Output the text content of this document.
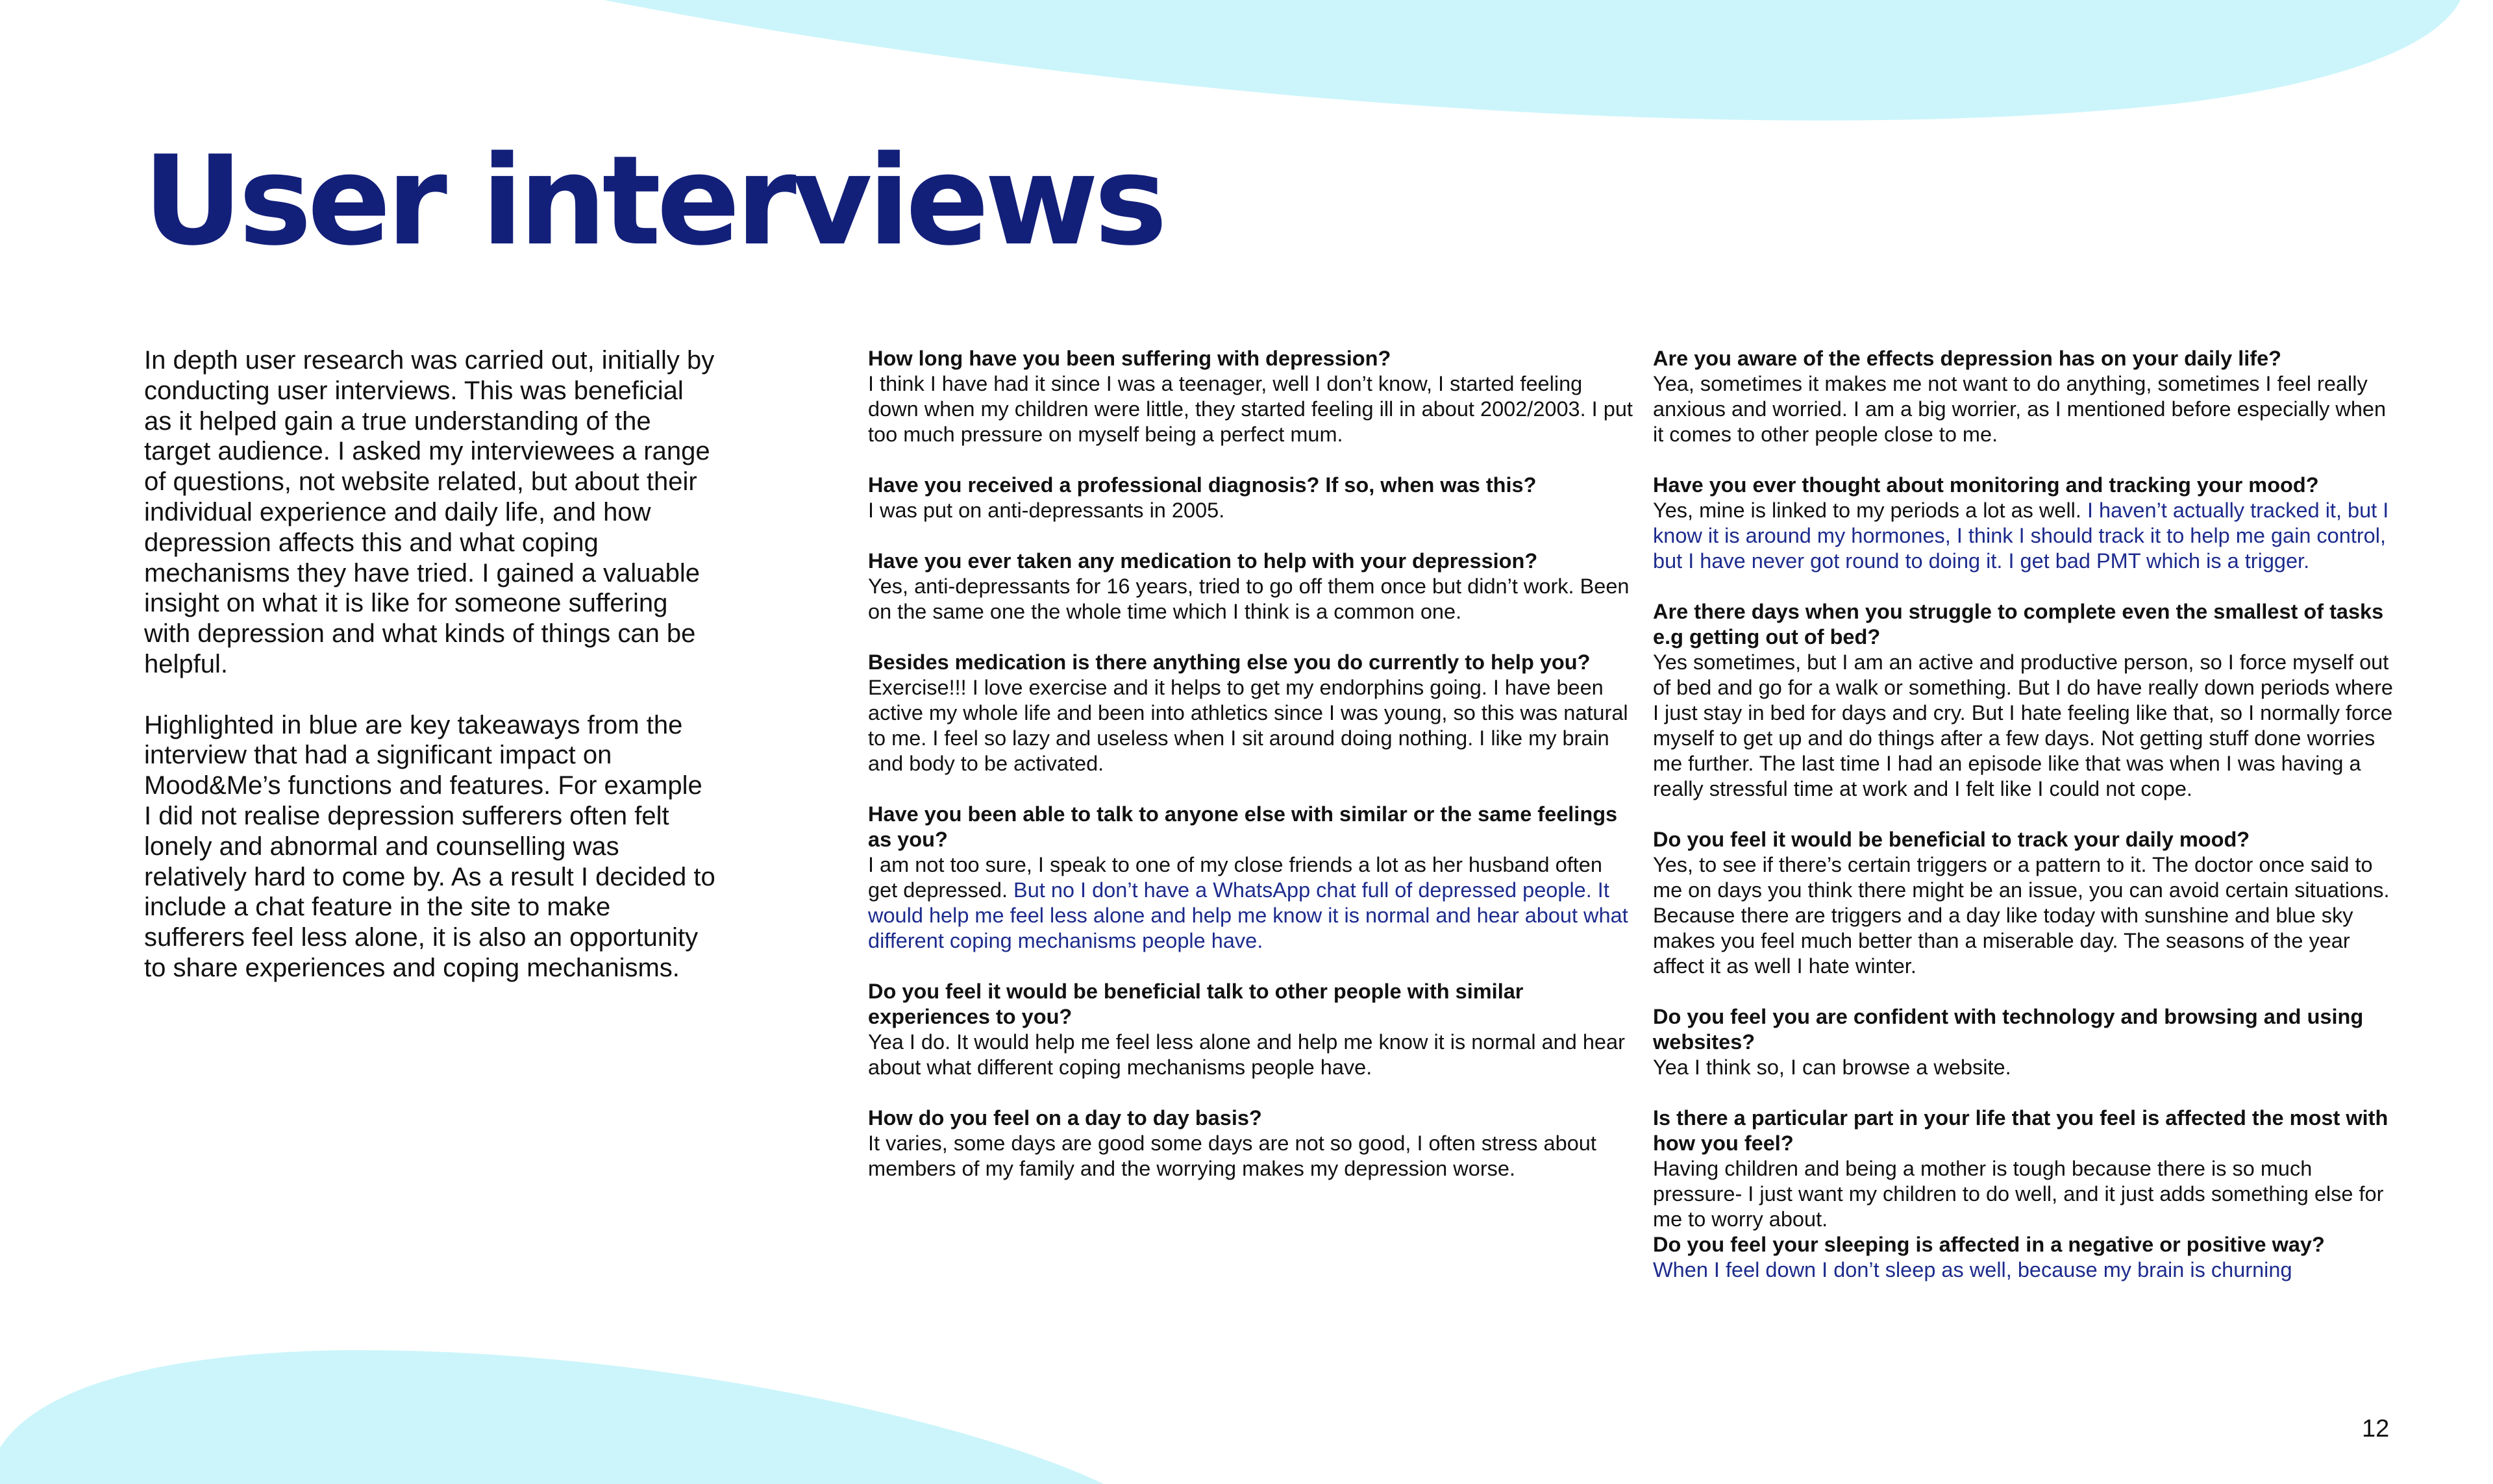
User interviews

In depth user research was carried out, initially by conducting user interviews. This was beneficial as it helped gain a true understanding of the target audience. I asked my interviewees a range of questions, not website related, but about their individual experience and daily life, and how depression affects this and what coping mechanisms they have tried. I gained a valuable insight on what it is like for someone suffering with depression and what kinds of things can be helpful.

Highlighted in blue are key takeaways from the interview that had a significant impact on Mood&Me’s functions and features. For example I did not realise depression sufferers often felt lonely and abnormal and counselling was relatively hard to come by. As a result I decided to include a chat feature in the site to make sufferers feel less alone, it is also an opportunity to share experiences and coping mechanisms.

How long have you been suffering with depression?
I think I have had it since I was a teenager, well I don’t know, I started feeling down when my children were little, they started feeling ill in about 2002/2003. I put too much pressure on myself being a perfect mum.
Have you received a professional diagnosis? If so, when was this?
I was put on anti-depressants in 2005.
Have you ever taken any medication to help with your depression?
Yes, anti-depressants for 16 years, tried to go off them once but didn’t work. Been on the same one the whole time which I think is a common one.
Besides medication is there anything else you do currently to help you?
Exercise!!! I love exercise and it helps to get my endorphins going. I have been active my whole life and been into athletics since I was young, so this was natural to me. I feel so lazy and useless when I sit around doing nothing. I like my brain and body to be activated.
Have you been able to talk to anyone else with similar or the same feelings as you?
I am not too sure, I speak to one of my close friends a lot as her husband often get depressed. But no I don’t have a WhatsApp chat full of depressed people. It would help me feel less alone and help me know it is normal and hear about what different coping mechanisms people have.
Do you feel it would be beneficial talk to other people with similar experiences to you?
Yea I do. It would help me feel less alone and help me know it is normal and hear about what different coping mechanisms people have.
How do you feel on a day to day basis?
It varies, some days are good some days are not so good, I often stress about members of my family and the worrying makes my depression worse.
Are you aware of the effects depression has on your daily life?
Yea, sometimes it makes me not want to do anything, sometimes I feel really anxious and worried. I am a big worrier, as I mentioned before especially when it comes to other people close to me.
Have you ever thought about monitoring and tracking your mood?
Yes, mine is linked to my periods a lot as well. I haven’t actually tracked it, but I know it is around my hormones, I think I should track it to help me gain control, but I have never got round to doing it. I get bad PMT which is a trigger.
Are there days when you struggle to complete even the smallest of tasks e.g getting out of bed?
Yes sometimes, but I am an active and productive person, so I force myself out of bed and go for a walk or something. But I do have really down periods where I just stay in bed for days and cry. But I hate feeling like that, so I normally force myself to get up and do things after a few days. Not getting stuff done worries me further. The last time I had an episode like that was when I was having a really stressful time at work and I felt like I could not cope.
Do you feel it would be beneficial to track your daily mood?
Yes, to see if there’s certain triggers or a pattern to it. The doctor once said to me on days you think there might be an issue, you can avoid certain situations. Because there are triggers and a day like today with sunshine and blue sky makes you feel much better than a miserable day. The seasons of the year affect it as well I hate winter.
Do you feel you are confident with technology and browsing and using websites?
Yea I think so, I can browse a website.
Is there a particular part in your life that you feel is affected the most with how you feel?
Having children and being a mother is tough because there is so much pressure- I just want my children to do well, and it just adds something else for me to worry about.
Do you feel your sleeping is affected in a negative or positive way?
When I feel down I don’t sleep as well, because my brain is churning
12
